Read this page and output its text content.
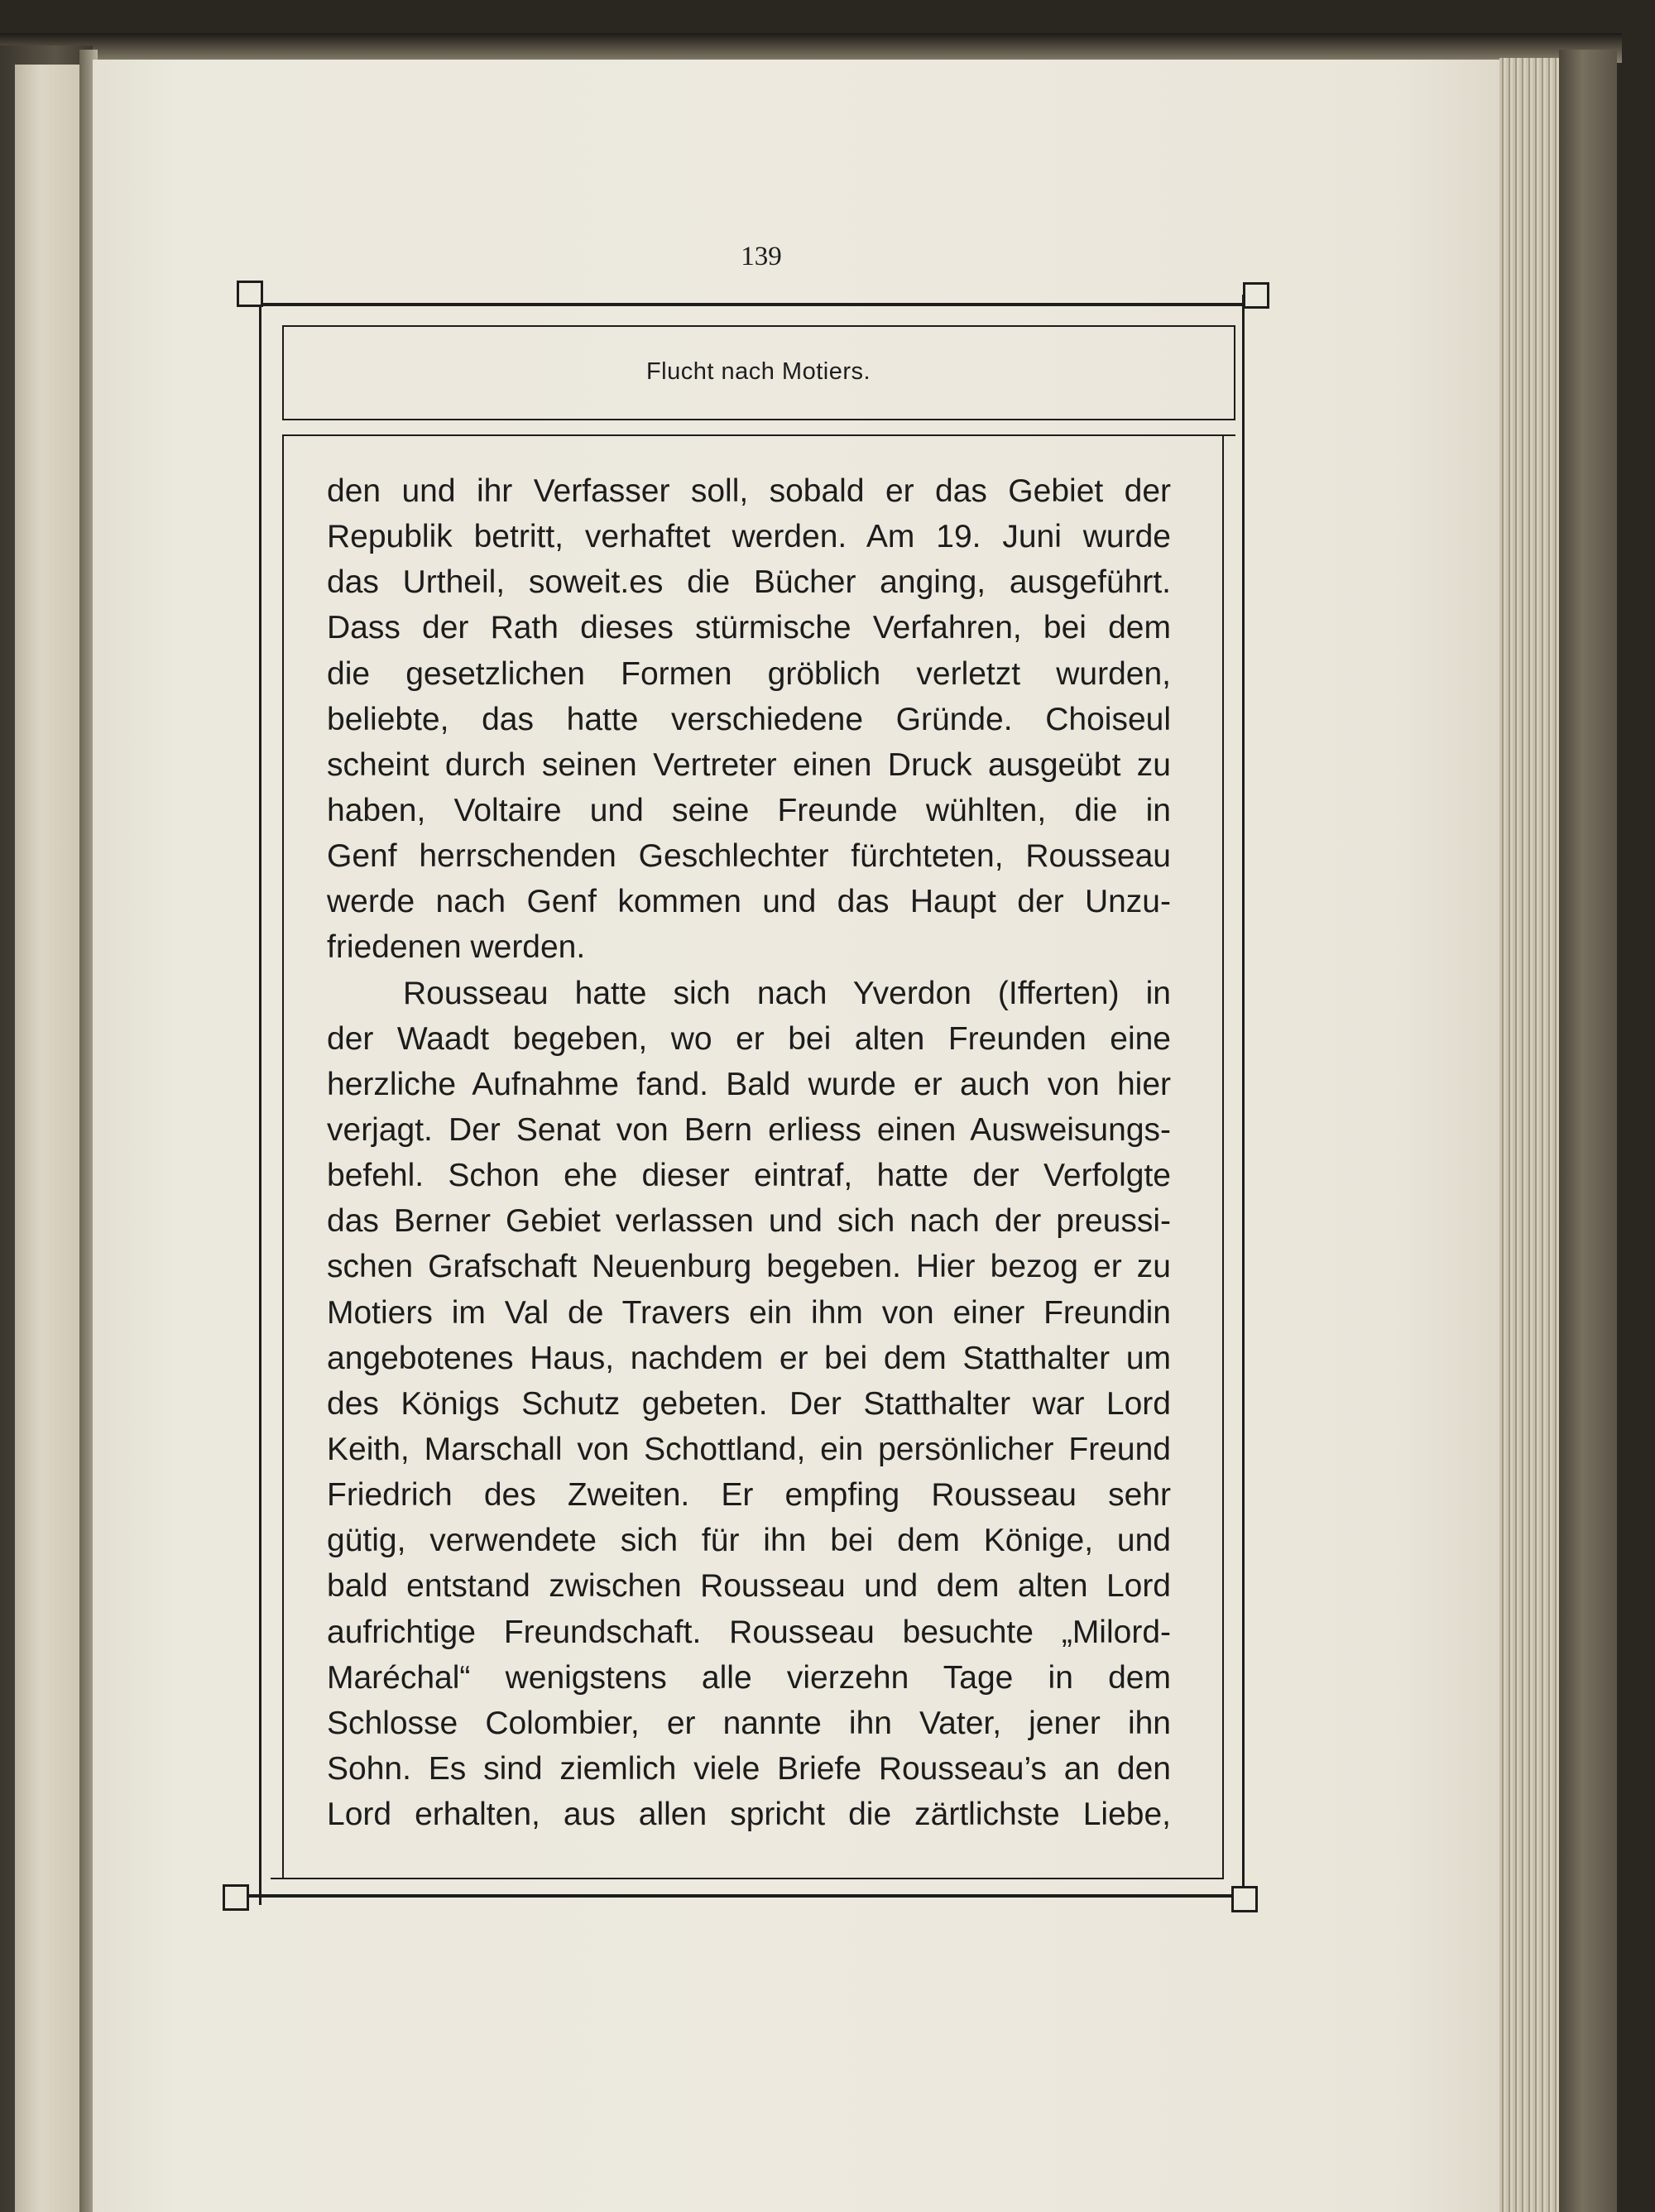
139
Flucht nach Motiers.
den und ihr Verfasser soll, sobald er das Gebiet der
Republik betritt, verhaftet werden. Am 19. Juni wurde
das Urtheil, soweit.es die Bücher anging, ausgeführt.
Dass der Rath dieses stürmische Verfahren, bei dem
die gesetzlichen Formen gröblich verletzt wurden,
beliebte, das hatte verschiedene Gründe. Choiseul
scheint durch seinen Vertreter einen Druck ausgeübt zu
haben, Voltaire und seine Freunde wühlten, die in
Genf herrschenden Geschlechter fürchteten, Rousseau
werde nach Genf kommen und das Haupt der Unzu-
friedenen werden.
Rousseau hatte sich nach Yverdon (Ifferten) in
der Waadt begeben, wo er bei alten Freunden eine
herzliche Aufnahme fand. Bald wurde er auch von hier
verjagt. Der Senat von Bern erliess einen Ausweisungs-
befehl. Schon ehe dieser eintraf, hatte der Verfolgte
das Berner Gebiet verlassen und sich nach der preussi-
schen Grafschaft Neuenburg begeben. Hier bezog er zu
Motiers im Val de Travers ein ihm von einer Freundin
angebotenes Haus, nachdem er bei dem Statthalter um
des Königs Schutz gebeten. Der Statthalter war Lord
Keith, Marschall von Schottland, ein persönlicher Freund
Friedrich des Zweiten. Er empfing Rousseau sehr
gütig, verwendete sich für ihn bei dem Könige, und
bald entstand zwischen Rousseau und dem alten Lord
aufrichtige Freundschaft. Rousseau besuchte „Milord-
Maréchal“ wenigstens alle vierzehn Tage in dem
Schlosse Colombier, er nannte ihn Vater, jener ihn
Sohn. Es sind ziemlich viele Briefe Rousseau’s an den
Lord erhalten, aus allen spricht die zärtlichste Liebe,
